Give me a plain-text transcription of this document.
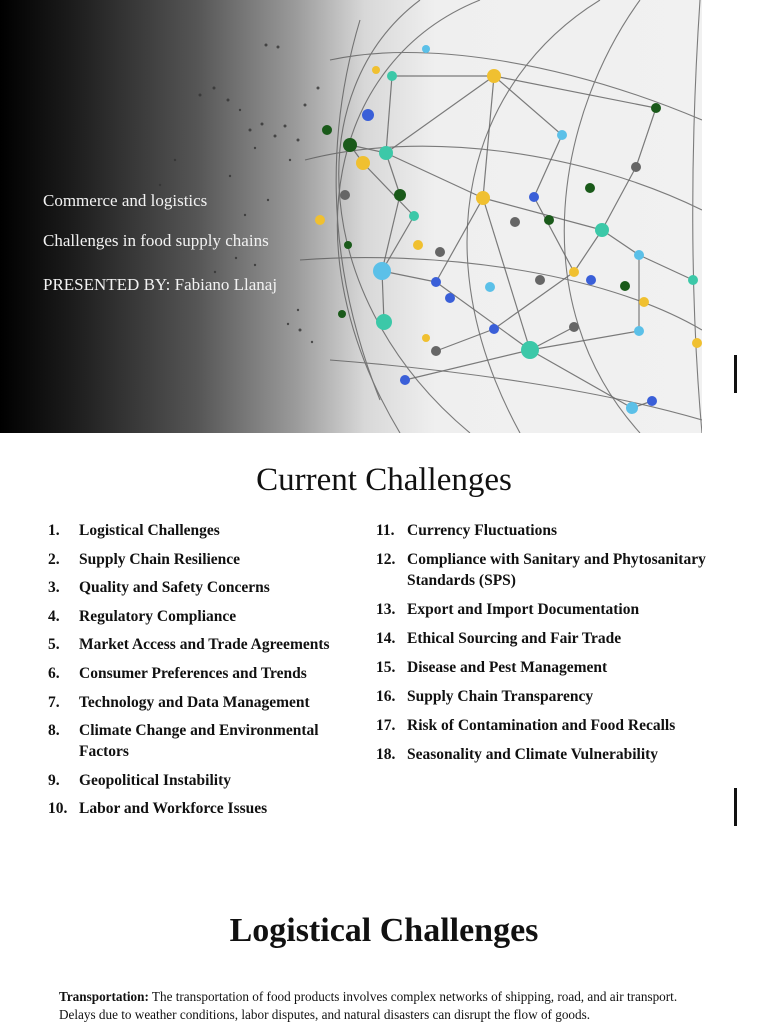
Commerce and logistics
Challenges in food supply chains
PRESENTED BY: Fabiano Llanaj
Current Challenges
1. Logistical Challenges
2. Supply Chain Resilience
3. Quality and Safety Concerns
4. Regulatory Compliance
5. Market Access and Trade Agreements
6. Consumer Preferences and Trends
7. Technology and Data Management
8. Climate Change and Environmental Factors
9. Geopolitical Instability
10. Labor and Workforce Issues
11. Currency Fluctuations
12. Compliance with Sanitary and Phytosanitary Standards (SPS)
13. Export and Import Documentation
14. Ethical Sourcing and Fair Trade
15. Disease and Pest Management
16. Supply Chain Transparency
17. Risk of Contamination and Food Recalls
18. Seasonality and Climate Vulnerability
Logistical Challenges

Transportation: The transportation of food products involves complex networks of shipping, road, and air transport. Delays due to weather conditions, labor disputes, and natural disasters can disrupt the flow of goods.
